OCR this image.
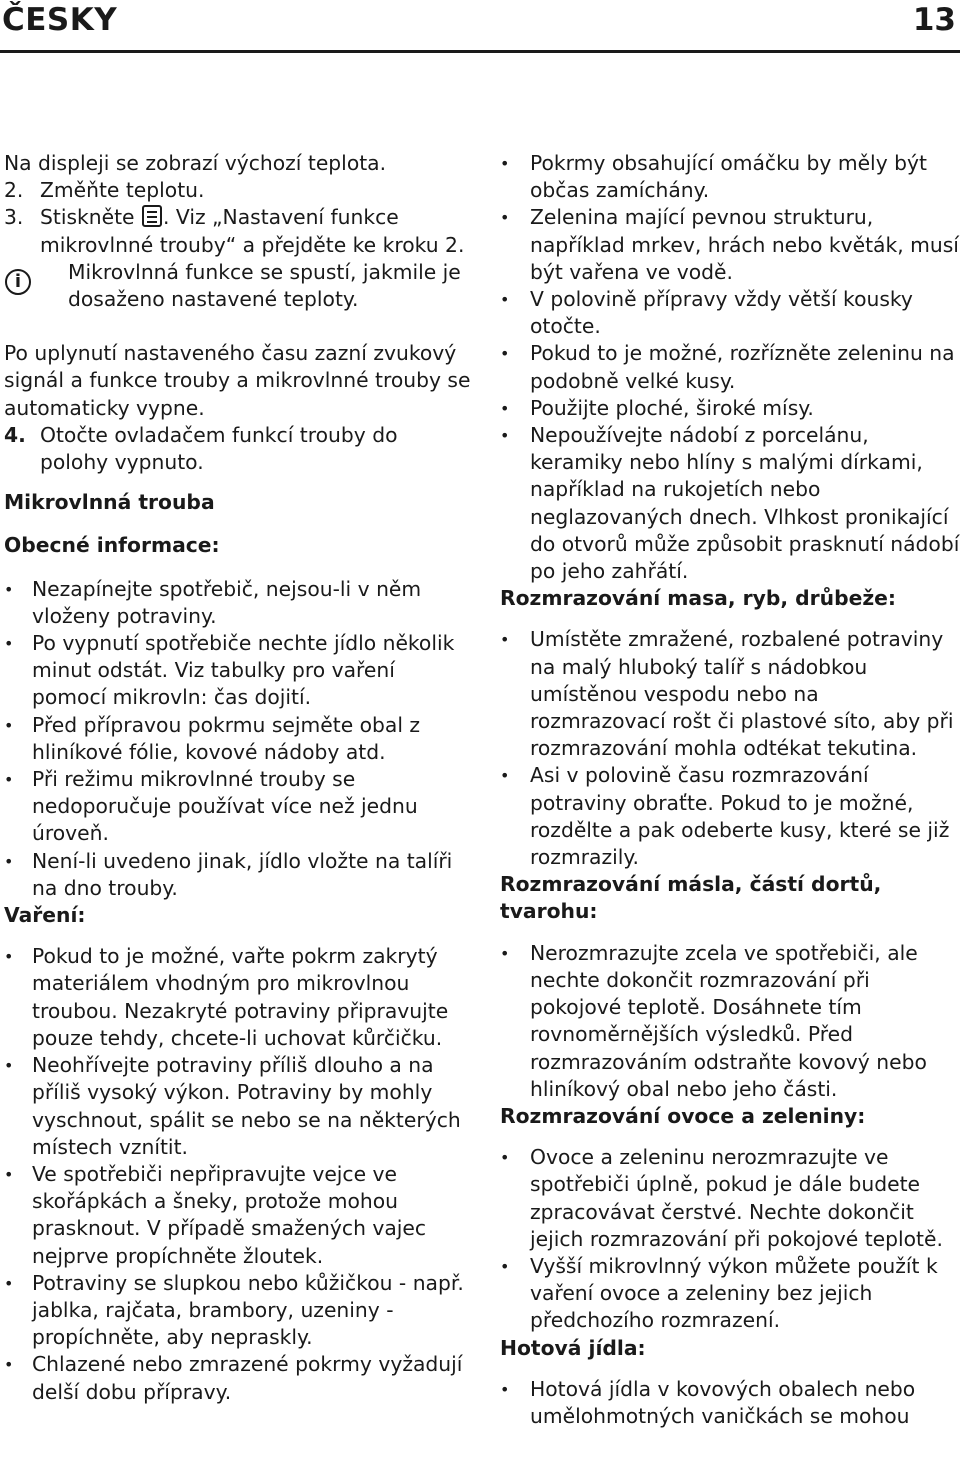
ČESKY	13

Na displeji se zobrazí výchozí teplota.

2. Změňte teplotu.
3. Stiskněte . Viz „Nastavení funkce mikrovlnné trouby“ a přejděte ke kroku 2.
i	Mikrovlnná funkce se spustí, jakmile je dosaženo nastavené teploty.

Po uplynutí nastaveného času zazní zvukový signál a funkce trouby a mikrovlnné trouby se automaticky vypne.

4. Otočte ovladačem funkcí trouby do polohy vypnuto.
Mikrovlnná trouba
Obecné informace:
• Nezapínejte spotřebič, nejsou-li v něm vloženy potraviny.
• Po vypnutí spotřebiče nechte jídlo několik minut odstát. Viz tabulky pro vaření pomocí mikrovln: čas dojití.
• Před přípravou pokrmu sejměte obal z hliníkové fólie, kovové nádoby atd.
• Při režimu mikrovlnné trouby se nedoporučuje používat více než jednu úroveň.
• Není-li uvedeno jinak, jídlo vložte na talíři na dno trouby.
Vaření:
• Pokud to je možné, vařte pokrm zakrytý materiálem vhodným pro mikrovlnou troubou. Nezakryté potraviny připravujte pouze tehdy, chcete-li uchovat kůrčičku.
• Neohřívejte potraviny příliš dlouho a na příliš vysoký výkon. Potraviny by mohly vyschnout, spálit se nebo se na některých místech vznítit.
• Ve spotřebiči nepřipravujte vejce ve skořápkách a šneky, protože mohou prasknout. V případě smažených vajec nejprve propíchněte žloutek.
• Potraviny se slupkou nebo kůžičkou - např. jablka, rajčata, brambory, uzeniny - propíchněte, aby nepraskly.
• Chlazené nebo zmrazené pokrmy vyžadují delší dobu přípravy.
• Pokrmy obsahující omáčku by měly být občas zamíchány.
• Zelenina mající pevnou strukturu, například mrkev, hrách nebo květák, musí být vařena ve vodě.
• V polovině přípravy vždy větší kousky otočte.
• Pokud to je možné, rozřízněte zeleninu na podobně velké kusy.
• Použijte ploché, široké mísy.
• Nepoužívejte nádobí z porcelánu, keramiky nebo hlíny s malými dírkami, například na rukojetích nebo neglazovaných dnech. Vlhkost pronikající do otvorů může způsobit prasknutí nádobí po jeho zahřátí.
Rozmrazování masa, ryb, drůbeže:
• Umístěte zmražené, rozbalené potraviny na malý hluboký talíř s nádobkou umístěnou vespodu nebo na rozmrazovací rošt či plastové síto, aby při rozmrazování mohla odtékat tekutina.
• Asi v polovině času rozmrazování potraviny obraťte. Pokud to je možné, rozdělte a pak odeberte kusy, které se již rozmrazily.
Rozmrazování másla, částí dortů, tvarohu:
• Nerozmrazujte zcela ve spotřebiči, ale nechte dokončit rozmrazování při pokojové teplotě. Dosáhnete tím rovnoměrnějších výsledků. Před rozmrazováním odstraňte kovový nebo hliníkový obal nebo jeho části.
Rozmrazování ovoce a zeleniny:
• Ovoce a zeleninu nerozmrazujte ve spotřebiči úplně, pokud je dále budete zpracovávat čerstvé. Nechte dokončit jejich rozmrazování při pokojové teplotě.
• Vyšší mikrovlnný výkon můžete použít k vaření ovoce a zeleniny bez jejich předchozího rozmrazení.
Hotová jídla:
• Hotová jídla v kovových obalech nebo umělohmotných vaničkách se mohou
